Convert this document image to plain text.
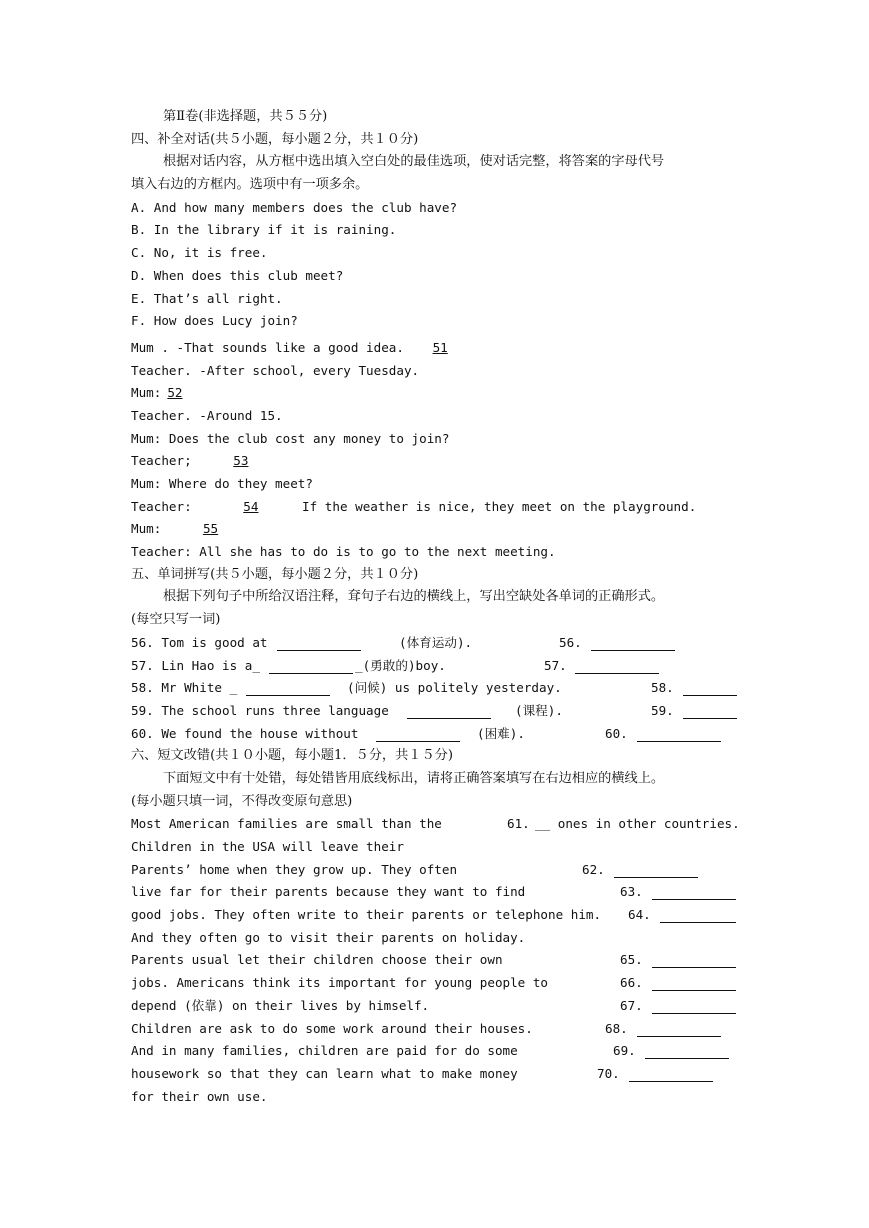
第Ⅱ卷(非选择题，共５５分)
四、补全对话(共５小题，每小题２分，共１０分)
根据对话内容，从方框中选出填入空白处的最佳选项，使对话完整，将答案的字母代号
填入右边的方框内。选项中有一项多余。
A. And how many members does the club have?
B. In the library if it is raining.
C. No, it is free.
D. When does this club meet?
E. That’s all right.
F. How does Lucy join?
Mum . -That sounds like a good idea. 51
Teacher. -After school, every Tuesday.
Mum: 52
Teacher. -Around 15.
Mum: Does the club cost any money to join?
Teacher;	53
Mum: Where do they meet?
Teacher:	54	If the weather is nice, they meet on the playground.
Mum:	55
Teacher: All she has to do is to go to the next meeting.
五、单词拼写(共５小题，每小题２分，共１０分)
根据下列句子中所给汉语注释，耷句子右边的横线上，写出空缺处各单词的正确形式。
(每空只写一词)
56. Tom is good at	(体育运动).	56.
57. Lin Hao is a_	_(勇敢的)boy.	57.
58. Mr White _	(问候) us politely yesterday.	58.
59. The school runs three language	(课程).	59.
60. We found the house without	(困难).	60.
六、短文改错(共１０小题，每小题1．５分，共１５分)
下面短文中有十处错，每处错皆用底线标出，请将正确答案填写在右边相应的横线上。
(每小题只填一词，不得改变原句意思)
Most American families are small than the	61. __ ones in other countries.
Children in the USA will leave their
Parents’ home when they grow up. They often	62.
live far for their parents because they want to find	63.
good jobs. They often write to their parents or telephone him. 64.
And they often go to visit their parents on holiday.
Parents usual let their children choose their own	65.
jobs. Americans think its important for young people to	66.
depend (依靠) on their lives by himself.	67.
Children are ask to do some work around their houses.	68.
And in many families, children are paid for do some	69.
housework so that they can learn what to make money	70.
for their own use.
